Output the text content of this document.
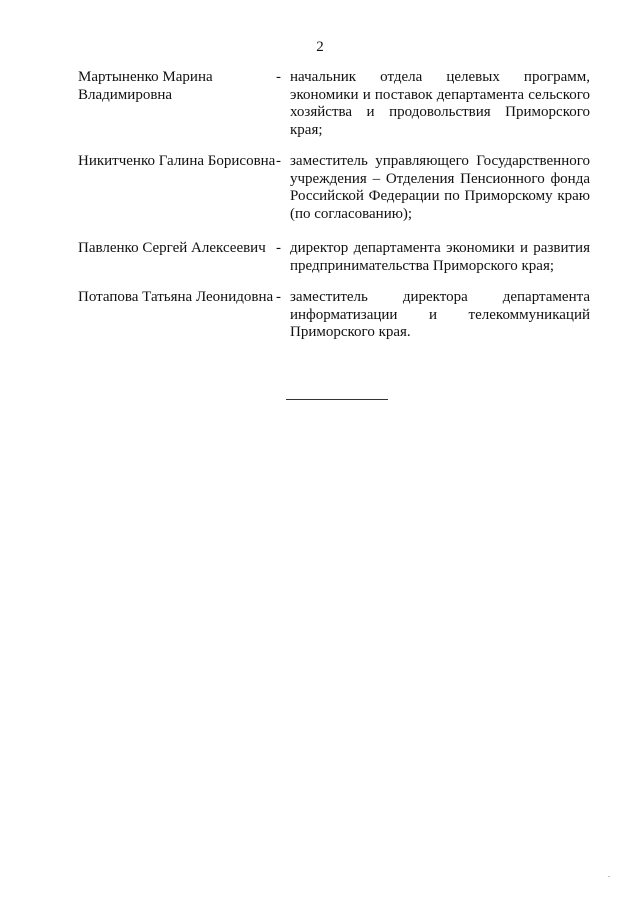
2
Мартыненко Марина Владимировна
- начальник отдела целевых программ, экономики и поставок департамента сельского хозяйства и продовольствия Приморского края;
Никитченко Галина Борисовна - заместитель управляющего Государственного учреждения – Отделения Пенсионного фонда Российской Федерации по Приморскому краю (по согласованию);
Павленко Сергей Алексеевич - директор департамента экономики и развития предпринимательства Приморского края;
Потапова Татьяна Леонидовна - заместитель директора департамента информатизации и телекоммуникаций Приморского края.
.
